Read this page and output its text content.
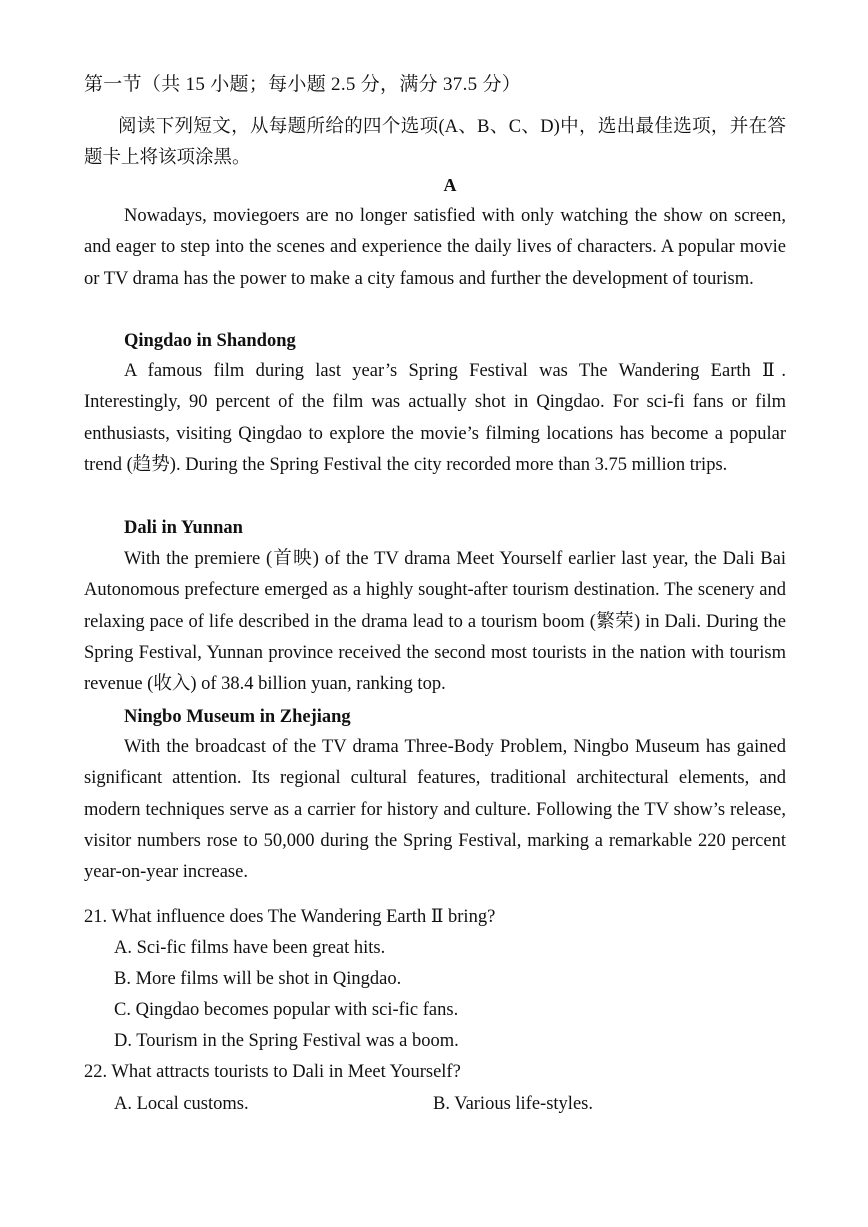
第一节（共 15 小题；每小题 2.5 分，满分 37.5 分）
阅读下列短文，从每题所给的四个选项(A、B、C、D)中，选出最佳选项，并在答题卡上将该项涂黑。
A

Nowadays, moviegoers are no longer satisfied with only watching the show on screen, and eager to step into the scenes and experience the daily lives of characters. A popular movie or TV drama has the power to make a city famous and further the development of tourism.

Qingdao in Shandong

A famous film during last year’s Spring Festival was The Wandering Earth Ⅱ. Interestingly, 90 percent of the film was actually shot in Qingdao. For sci-fi fans or film enthusiasts, visiting Qingdao to explore the movie’s filming locations has become a popular trend (趋势). During the Spring Festival the city recorded more than 3.75 million trips.

Dali in Yunnan

With the premiere (首映) of the TV drama Meet Yourself earlier last year, the Dali Bai Autonomous prefecture emerged as a highly sought-after tourism destination. The scenery and relaxing pace of life described in the drama lead to a tourism boom (繁荣) in Dali. During the Spring Festival, Yunnan province received the second most tourists in the nation with tourism revenue (收入) of 38.4 billion yuan, ranking top.

Ningbo Museum in Zhejiang

With the broadcast of the TV drama Three-Body Problem, Ningbo Museum has gained significant attention. Its regional cultural features, traditional architectural elements, and modern techniques serve as a carrier for history and culture. Following the TV show’s release, visitor numbers rose to 50,000 during the Spring Festival, marking a remarkable 220 percent year-on-year increase.

21. What influence does The Wandering Earth Ⅱ bring?
A. Sci-fic films have been great hits.
B. More films will be shot in Qingdao.
C. Qingdao becomes popular with sci-fic fans.
D. Tourism in the Spring Festival was a boom.
22. What attracts tourists to Dali in Meet Yourself?
A. Local customs.	B. Various life-styles.
